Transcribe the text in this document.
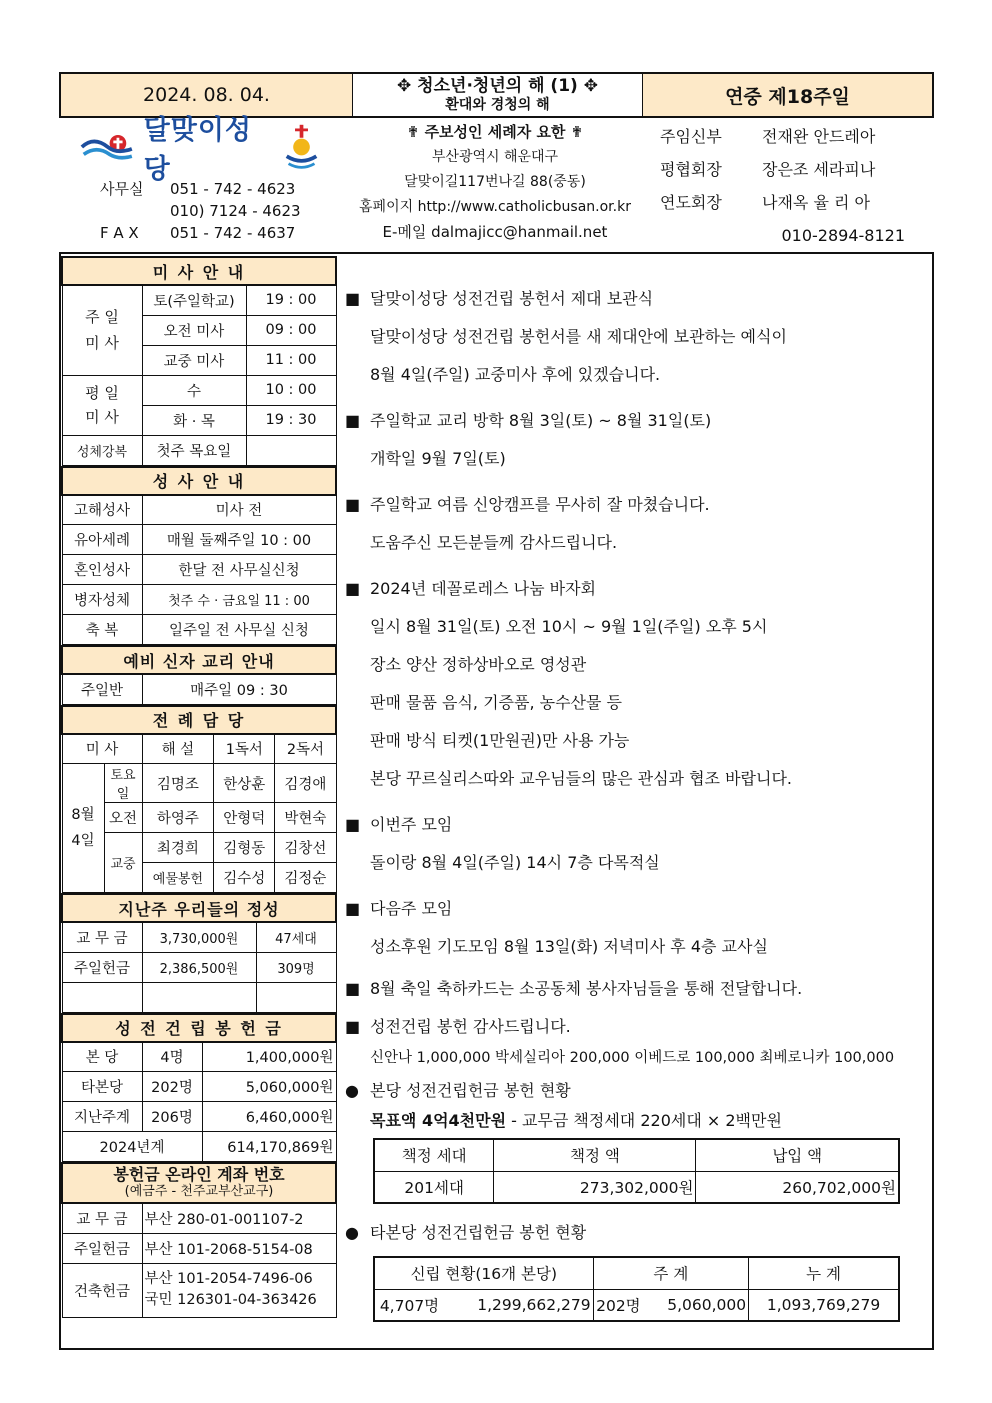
2024. 08. 04.	✥ 청소년·청년의 해 (1) ✥
환대와 경청의 해	연중 제18주일
달맞이성당
사무실	051 - 742 - 4623
010) 7124 - 4623
F A X	051 - 742 - 4637
✟ 주보성인 세례자 요한 ✟
부산광역시 해운대구
달맞이길117번나길 88(중동)
홈페이지 http://www.catholicbusan.or.kr
E-메일 dalmajicc@hanmail.net
주임신부	전재완 안드레아
평협회장	장은조 세라피나
연도회장	나재옥 율 리 아
010-2894-8121
미 사 안 내		
주 일
미 사	토(주일학교)	19 : 00
	오전 미사	09 : 00
	교중 미사	11 : 00
평 일
미 사	수	10 : 00
	화 · 목	19 : 30
성체강복	첫주 목요일	
성 사 안 내	
고해성사	미사 전
유아세례	매월 둘째주일 10 : 00
혼인성사	한달 전 사무실신청
병자성체	첫주 수 · 금요일 11 : 00
축 복	일주일 전 사무실 신청
예비 신자 교리 안내
주일반	매주일 09 : 30
전 례 담 당				
미 사		해 설	1독서	2독서
8월
4일	토요일	김명조	한상훈	김경애
	오전	하영주	안형덕	박현숙
	교중	최경희	김형동	김창선
		예물봉헌	김수성	김정순
지난주 우리들의 정성		
교 무 금	3,730,000원	47세대
주일헌금	2,386,500원	309명

성 전 건 립 봉 헌 금		
본 당	4명	1,400,000원
타본당	202명	5,060,000원
지난주계	206명	6,460,000원
2024년계		614,170,869원
봉헌금 온라인 계좌 번호
(예금주 - 천주교부산교구)	

교 무 금	부산 280-01-001107-2
주일헌금	부산 101-2068-5154-08
건축헌금	부산 101-2054-7496-06
국민 126301-04-363426
■ 달맞이성당 성전건립 봉헌서 제대 보관식
달맞이성당 성전건립 봉헌서를 새 제대안에 보관하는 예식이
8월 4일(주일) 교중미사 후에 있겠습니다.
■ 주일학교 교리 방학 8월 3일(토) ~ 8월 31일(토)
개학일 9월 7일(토)
■ 주일학교 여름 신앙캠프를 무사히 잘 마쳤습니다.
도움주신 모든분들께 감사드립니다.
■ 2024년 데꼴로레스 나눔 바자회
일시 8월 31일(토) 오전 10시 ~ 9월 1일(주일) 오후 5시
장소 양산 정하상바오로 영성관
판매 물품 음식, 기증품, 농수산물 등
판매 방식 티켓(1만원권)만 사용 가능
본당 꾸르실리스따와 교우님들의 많은 관심과 협조 바랍니다.
■ 이번주 모임
돌이랑 8월 4일(주일) 14시 7층 다목적실
■ 다음주 모임
성소후원 기도모임 8월 13일(화) 저녁미사 후 4층 교사실
■ 8월 축일 축하카드는 소공동체 봉사자님들을 통해 전달합니다.
■ 성전건립 봉헌 감사드립니다.
신안나 1,000,000 박세실리아 200,000 이베드로 100,000 최베로니카 100,000
● 본당 성전건립헌금 봉헌 현황
목표액 4억4천만원 - 교무금 책정세대 220세대 × 2백만원
책정 세대	책정 액	납입 액
201세대	273,302,000원	260,702,000원
● 타본당 성전건립헌금 봉헌 현황
신립 현황(16개 본당)		주 계		누 계
4,707명	1,299,662,279	202명	5,060,000	1,093,769,279
